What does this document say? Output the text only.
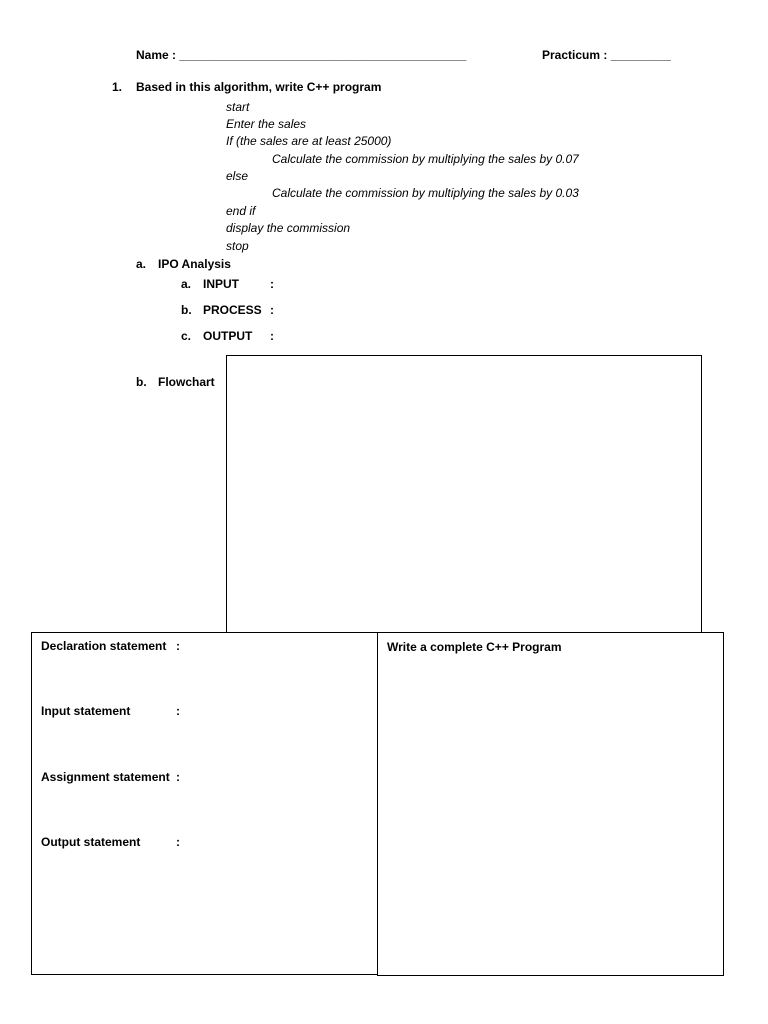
Name : ___________________________________________	Practicum : _________
1. Based in this algorithm, write C++ program
start
Enter the sales
If (the sales are at least 25000)
Calculate the commission by multiplying the sales by 0.07
else
Calculate the commission by multiplying the sales by 0.03
end if
display the commission
stop
a. IPO Analysis
a. INPUT	:
b. PROCESS :
c. OUTPUT :
b. Flowchart
Declaration statement :
Input statement	:
Assignment statement :
Output statement	:
Write a complete C++ Program
